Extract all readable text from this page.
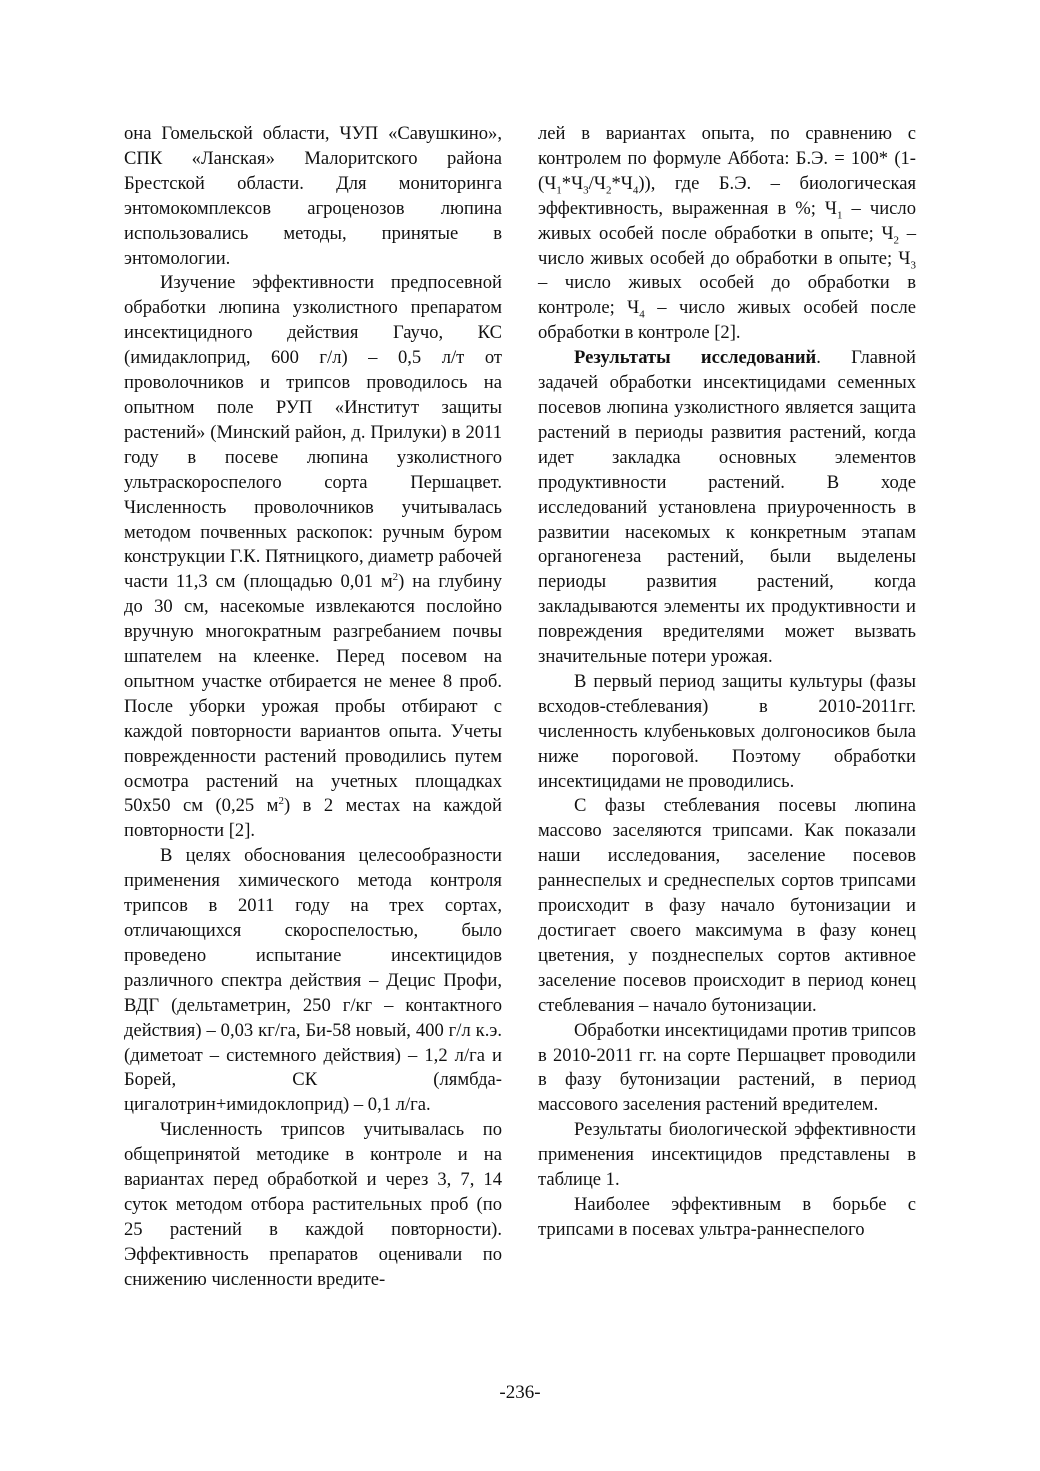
она Гомельской области, ЧУП «Савушкино», СПК «Ланская» Малоритского района Брестской области. Для мониторинга энтомокомплексов агроценозов люпина использовались методы, принятые в энтомологии.

Изучение эффективности предпосевной обработки люпина узколистного препаратом инсектицидного действия Гаучо, КС (имидаклоприд, 600 г/л) – 0,5 л/т от проволочников и трипсов проводилось на опытном поле РУП «Институт защиты растений» (Минский район, д. Прилуки) в 2011 году в посеве люпина узколистного ультраскороспелого сорта Першацвет. Численность проволочников учитывалась методом почвенных раскопок: ручным буром конструкции Г.К. Пятницкого, диаметр рабочей части 11,3 см (площадью 0,01 $м^2$) на глубину до 30 см, насекомые извлекаются послойно вручную многократным разгребанием почвы шпателем на клеенке. Перед посевом на опытном участке отбирается не менее 8 проб. После уборки урожая пробы отбирают с каждой повторности вариантов опыта. Учеты поврежденности растений проводились путем осмотра растений на учетных площадках 50х50 см (0,25 $м^2$) в 2 местах на каждой повторности [2].

В целях обоснования целесообразности применения химического метода контроля трипсов в 2011 году на трех сортах, отличающихся скороспелостью, было проведено испытание инсектицидов различного спектра действия – Децис Профи, ВДГ (дельтаметрин, 250 г/кг – контактного действия) – 0,03 кг/га, Би-58 новый, 400 г/л к.э. (диметоат – системного действия) – 1,2 л/га и Борей, СК (лямбда-цигалотрин+имидоклоприд) – 0,1 л/га.

Численность трипсов учитывалась по общепринятой методике в контроле и на вариантах перед обработкой и через 3, 7, 14 суток методом отбора растительных проб (по 25 растений в каждой повторности). Эффективность препаратов оценивали по снижению численности вредите-

лей в вариантах опыта, по сравнению с контролем по формуле Аббота: Б.Э. = 100* $(1-(Ч_1*Ч_3/Ч_2*Ч_4))$, где Б.Э. – биологическая эффективность, выраженная в %; $Ч_1$ – число живых особей после обработки в опыте; $Ч_2$ – число живых особей до обработки в опыте; $Ч_3$ – число живых особей до обработки в контроле; $Ч_4$ – число живых особей после обработки в контроле [2].

Результаты исследований. Главной задачей обработки инсектицидами семенных посевов люпина узколистного является защита растений в периоды развития растений, когда идет закладка основных элементов продуктивности растений. В ходе исследований установлена приуроченность в развитии насекомых к конкретным этапам органогенеза растений, были выделены периоды развития растений, когда закладываются элементы их продуктивности и повреждения вредителями может вызвать значительные потери урожая.

В первый период защиты культуры (фазы всходов-стеблевания) в 2010-2011гг. численность клубеньковых долгоносиков была ниже пороговой. Поэтому обработки инсектицидами не проводились.

С фазы стеблевания посевы люпина массово заселяются трипсами. Как показали наши исследования, заселение посевов раннеспелых и среднеспелых сортов трипсами происходит в фазу начало бутонизации и достигает своего максимума в фазу конец цветения, у позднеспелых сортов активное заселение посевов происходит в период конец стеблевания – начало бутонизации.

Обработки инсектицидами против трипсов в 2010-2011 гг. на сорте Першацвет проводили в фазу бутонизации растений, в период массового заселения растений вредителем.

Результаты биологической эффективности применения инсектицидов представлены в таблице 1.

Наиболее эффективным в борьбе с трипсами в посевах ультра-раннеспелого

-236-
